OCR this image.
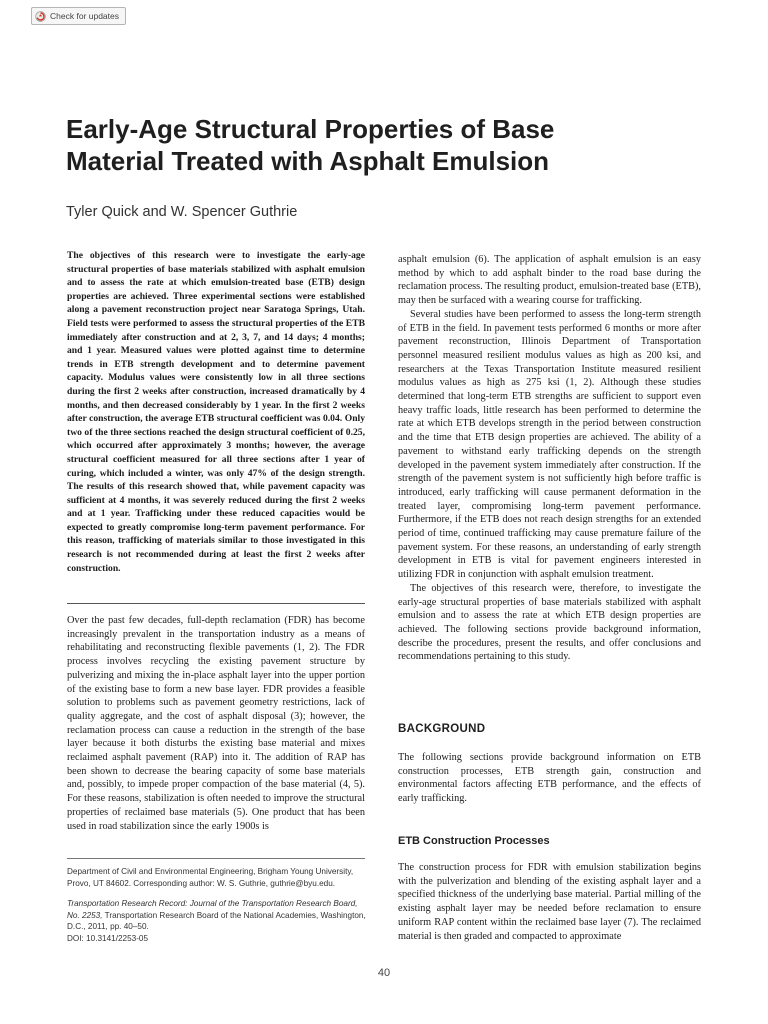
Check for updates
Early-Age Structural Properties of Base
Material Treated with Asphalt Emulsion
Tyler Quick and W. Spencer Guthrie

The objectives of this research were to investigate the early-age structural properties of base materials stabilized with asphalt emulsion and to assess the rate at which emulsion-treated base (ETB) design properties are achieved. Three experimental sections were established along a pavement reconstruction project near Saratoga Springs, Utah. Field tests were performed to assess the structural properties of the ETB immediately after construction and at 2, 3, 7, and 14 days; 4 months; and 1 year. Measured values were plotted against time to determine trends in ETB strength development and to determine pavement capacity. Modulus values were consistently low in all three sections during the first 2 weeks after construction, increased dramatically by 4 months, and then decreased considerably by 1 year. In the first 2 weeks after construction, the average ETB structural coefficient was 0.04. Only two of the three sections reached the design structural coefficient of 0.25, which occurred after approximately 3 months; however, the average structural coefficient measured for all three sections after 1 year of curing, which included a winter, was only 47% of the design strength. The results of this research showed that, while pavement capacity was sufficient at 4 months, it was severely reduced during the first 2 weeks and at 1 year. Trafficking under these reduced capacities would be expected to greatly compromise long-term pavement performance. For this reason, trafficking of materials similar to those investigated in this research is not recommended during at least the first 2 weeks after construction.

Over the past few decades, full-depth reclamation (FDR) has become increasingly prevalent in the transportation industry as a means of rehabilitating and reconstructing flexible pavements (1, 2). The FDR process involves recycling the existing pavement structure by pulverizing and mixing the in-place asphalt layer into the upper portion of the existing base to form a new base layer. FDR provides a feasible solution to problems such as pavement geometry restrictions, lack of quality aggregate, and the cost of asphalt disposal (3); however, the reclamation process can cause a reduction in the strength of the base layer because it both disturbs the existing base material and mixes reclaimed asphalt pavement (RAP) into it. The addition of RAP has been shown to decrease the bearing capacity of some base materials and, possibly, to impede proper compaction of the base material (4, 5). For these reasons, stabilization is often needed to improve the structural properties of reclaimed base materials (5). One product that has been used in road stabilization since the early 1900s is

Department of Civil and Environmental Engineering, Brigham Young University, Provo, UT 84602. Corresponding author: W. S. Guthrie, guthrie@byu.edu.

Transportation Research Record: Journal of the Transportation Research Board, No. 2253, Transportation Research Board of the National Academies, Washington, D.C., 2011, pp. 40–50.
DOI: 10.3141/2253-05

asphalt emulsion (6). The application of asphalt emulsion is an easy method by which to add asphalt binder to the road base during the reclamation process. The resulting product, emulsion-treated base (ETB), may then be surfaced with a wearing course for trafficking.

Several studies have been performed to assess the long-term strength of ETB in the field. In pavement tests performed 6 months or more after pavement reconstruction, Illinois Department of Transportation personnel measured resilient modulus values as high as 200 ksi, and researchers at the Texas Transportation Institute measured resilient modulus values as high as 275 ksi (1, 2). Although these studies determined that long-term ETB strengths are sufficient to support even heavy traffic loads, little research has been performed to determine the rate at which ETB develops strength in the period between construction and the time that ETB design properties are achieved. The ability of a pavement to withstand early trafficking depends on the strength developed in the pavement system immediately after construction. If the strength of the pavement system is not sufficiently high before traffic is introduced, early trafficking will cause permanent deformation in the treated layer, compromising long-term pavement performance. Furthermore, if the ETB does not reach design strengths for an extended period of time, continued trafficking may cause premature failure of the pavement system. For these reasons, an understanding of early strength development in ETB is vital for pavement engineers interested in utilizing FDR in conjunction with asphalt emulsion treatment.

The objectives of this research were, therefore, to investigate the early-age structural properties of base materials stabilized with asphalt emulsion and to assess the rate at which ETB design properties are achieved. The following sections provide background information, describe the procedures, present the results, and offer conclusions and recommendations pertaining to this study.

BACKGROUND

The following sections provide background information on ETB construction processes, ETB strength gain, construction and environmental factors affecting ETB performance, and the effects of early trafficking.

ETB Construction Processes

The construction process for FDR with emulsion stabilization begins with the pulverization and blending of the existing asphalt layer and a specified thickness of the underlying base material. Partial milling of the existing asphalt layer may be needed before reclamation to ensure uniform RAP content within the reclaimed base layer (7). The reclaimed material is then graded and compacted to approximate

40
